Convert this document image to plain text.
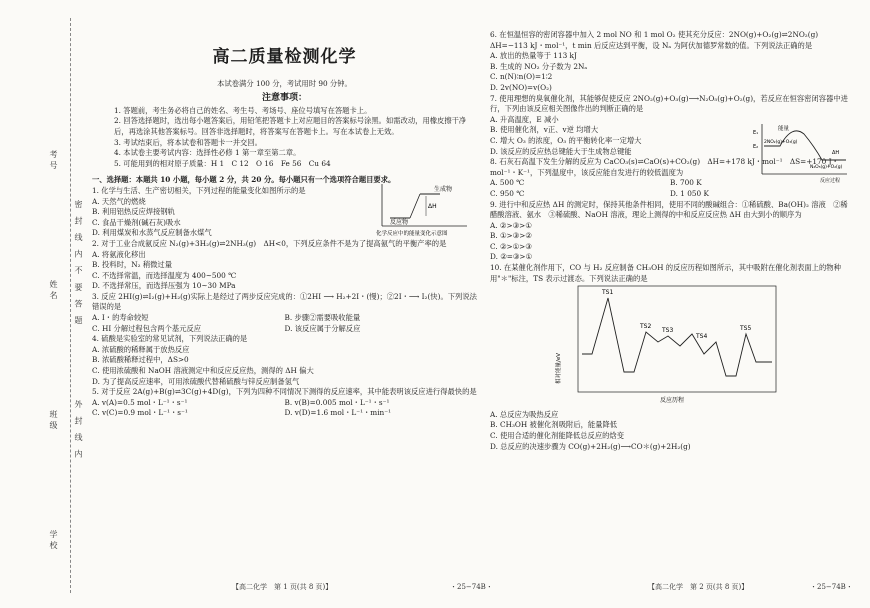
考号
姓名
班级
学校
密 封 线 内 不 要 答 题
外 封 线 内
高二质量检测化学
本试卷满分 100 分，考试用时 90 分钟。
注意事项：
1. 答题前，考生务必将自己的姓名、考生号、考场号、座位号填写在答题卡上。
2. 回答选择题时，选出每小题答案后，用铅笔把答题卡上对应题目的答案标号涂黑。如需改动，用橡皮擦干净后，再选涂其他答案标号。回答非选择题时，将答案写在答题卡上。写在本试卷上无效。
3. 考试结束后，将本试卷和答题卡一并交回。
4. 本试卷主要考试内容：选择性必修 1 第一章至第二章。
5. 可能用到的相对原子质量：H 1　C 12　O 16　Fe 56　Cu 64
一、选择题：本题共 10 小题，每小题 2 分，共 20 分。每小题只有一个选项符合题目要求。
1. 化学与生活、生产密切相关，下列过程的能量变化如图所示的是
A. 天然气的燃烧
B. 利用铝热反应焊接钢轨
C. 食品干燥剂(碱石灰)吸水
D. 利用煤炭和水蒸气反应制备水煤气
生成物
反应物
ΔH
化学反应中的能量变化示意图
2. 对于工业合成氨反应 N₂(g)+3H₂(g)⇌2NH₃(g)　ΔH<0，下列反应条件不是为了提高氨气的平衡产率的是
A. 将氨液化移出
B. 投料时，N₂ 稍微过量
C. 不选择常温，而选择温度为 400~500 ℃
D. 不选择常压，而选择压强为 10~30 MPa
3. 反应 2HI(g)⇌I₂(g)+H₂(g)实际上是经过了两步反应完成的：①2HI ⟶ H₂+2I・(慢)；②2I・⟶ I₂(快)。下列说法错误的是
A. I・的寿命较短	B. 步骤②需要吸收能量
C. HI 分解过程包含两个基元反应	D. 该反应属于分解反应
4. 硫酸是实验室的常见试剂，下列说法正确的是
A. 浓硫酸的稀释属于放热反应
B. 浓硫酸稀释过程中，ΔS>0
C. 使用浓硫酸和 NaOH 溶液测定中和反应反应热，测得的 ΔH 偏大
D. 为了提高反应速率，可用浓硫酸代替稀硫酸与锌反应制备氢气
5. 对于反应 2A(g)+B(g)⇌3C(g)+4D(g)，下列为四种不同情况下测得的反应速率，其中能表明该反应进行得最快的是
A. v(A)=0.5 mol・L⁻¹・s⁻¹	B. v(B)=0.005 mol・L⁻¹・s⁻¹
C. v(C)=0.9 mol・L⁻¹・s⁻¹	D. v(D)=1.6 mol・L⁻¹・min⁻¹
6. 在恒温恒容的密闭容器中加入 2 mol NO 和 1 mol O₂ 使其充分反应：2NO(g)+O₂(g)⇌2NO₂(g)　ΔH=−113 kJ・mol⁻¹，t min 后反应达到平衡，设 Nₐ 为阿伏加德罗常数的值。下列说法正确的是
A. 放出的热量等于 113 kJ
B. 生成的 NO₂ 分子数为 2Nₐ
C. n(N)∶n(O)=1∶2
D. 2v(NO)=v(O₂)
7. 使用理想的臭氧催化剂，其能够促使反应 2NO₂(g)+O₃(g)⟶N₂O₅(g)+O₂(g)，若反应在恒容密闭容器中进行，下列由该反应相关图像作出的判断正确的是
A. 升高温度，E 减小
B. 使用催化剂，v正、v逆 均增大
C. 增大 O₃ 的浓度，O₃ 的平衡转化率一定增大
D. 该反应的反应热总键能大于生成物总键能
能量
E₁
E₂
2NO₂(g)+O₃(g)
N₂O₅(g)+O₂(g)
ΔH
反应过程
8. 石灰石高温下发生分解的反应为 CaCO₃(s)⇌CaO(s)+CO₂(g)　ΔH=+178 kJ・mol⁻¹　ΔS=+170 J・mol⁻¹・K⁻¹，下列温度中，该反应能自发进行的较低温度为
A. 500 ℃	B. 700 K
C. 950 ℃	D. 1 050 K
9. 进行中和反应热 ΔH 的测定时，保持其他条件相同，使用不同的酸碱组合：①稀硫酸、Ba(OH)₂ 溶液　②稀醋酸溶液、氨水　③稀硫酸、NaOH 溶液，理论上测得的中和反应反应热 ΔH 由大到小的顺序为
A. ②>③>①
B. ①>③>②
C. ②>①>③
D. ②=③>①
10. 在某催化剂作用下，CO 与 H₂ 反应制备 CH₃OH 的反应历程如图所示，其中吸附在催化剂表面上的物种用"＊"标注，TS 表示过渡态。下列说法正确的是
相对能量/eV
TS1
TS2
TS3
TS4
TS5
反应历程
A. 总反应为吸热反应
B. CH₃OH 被催化剂吸附后，能量降低
C. 使用合适的催化剂能降低总反应的焓变
D. 总反应的决速步骤为 CO(g)+2H₂(g)⟶CO＊(g)+2H₂(g)
【高二化学　第 1 页(共 8 页)】	・25−74B・	【高二化学　第 2 页(共 8 页)】	・25−74B・
